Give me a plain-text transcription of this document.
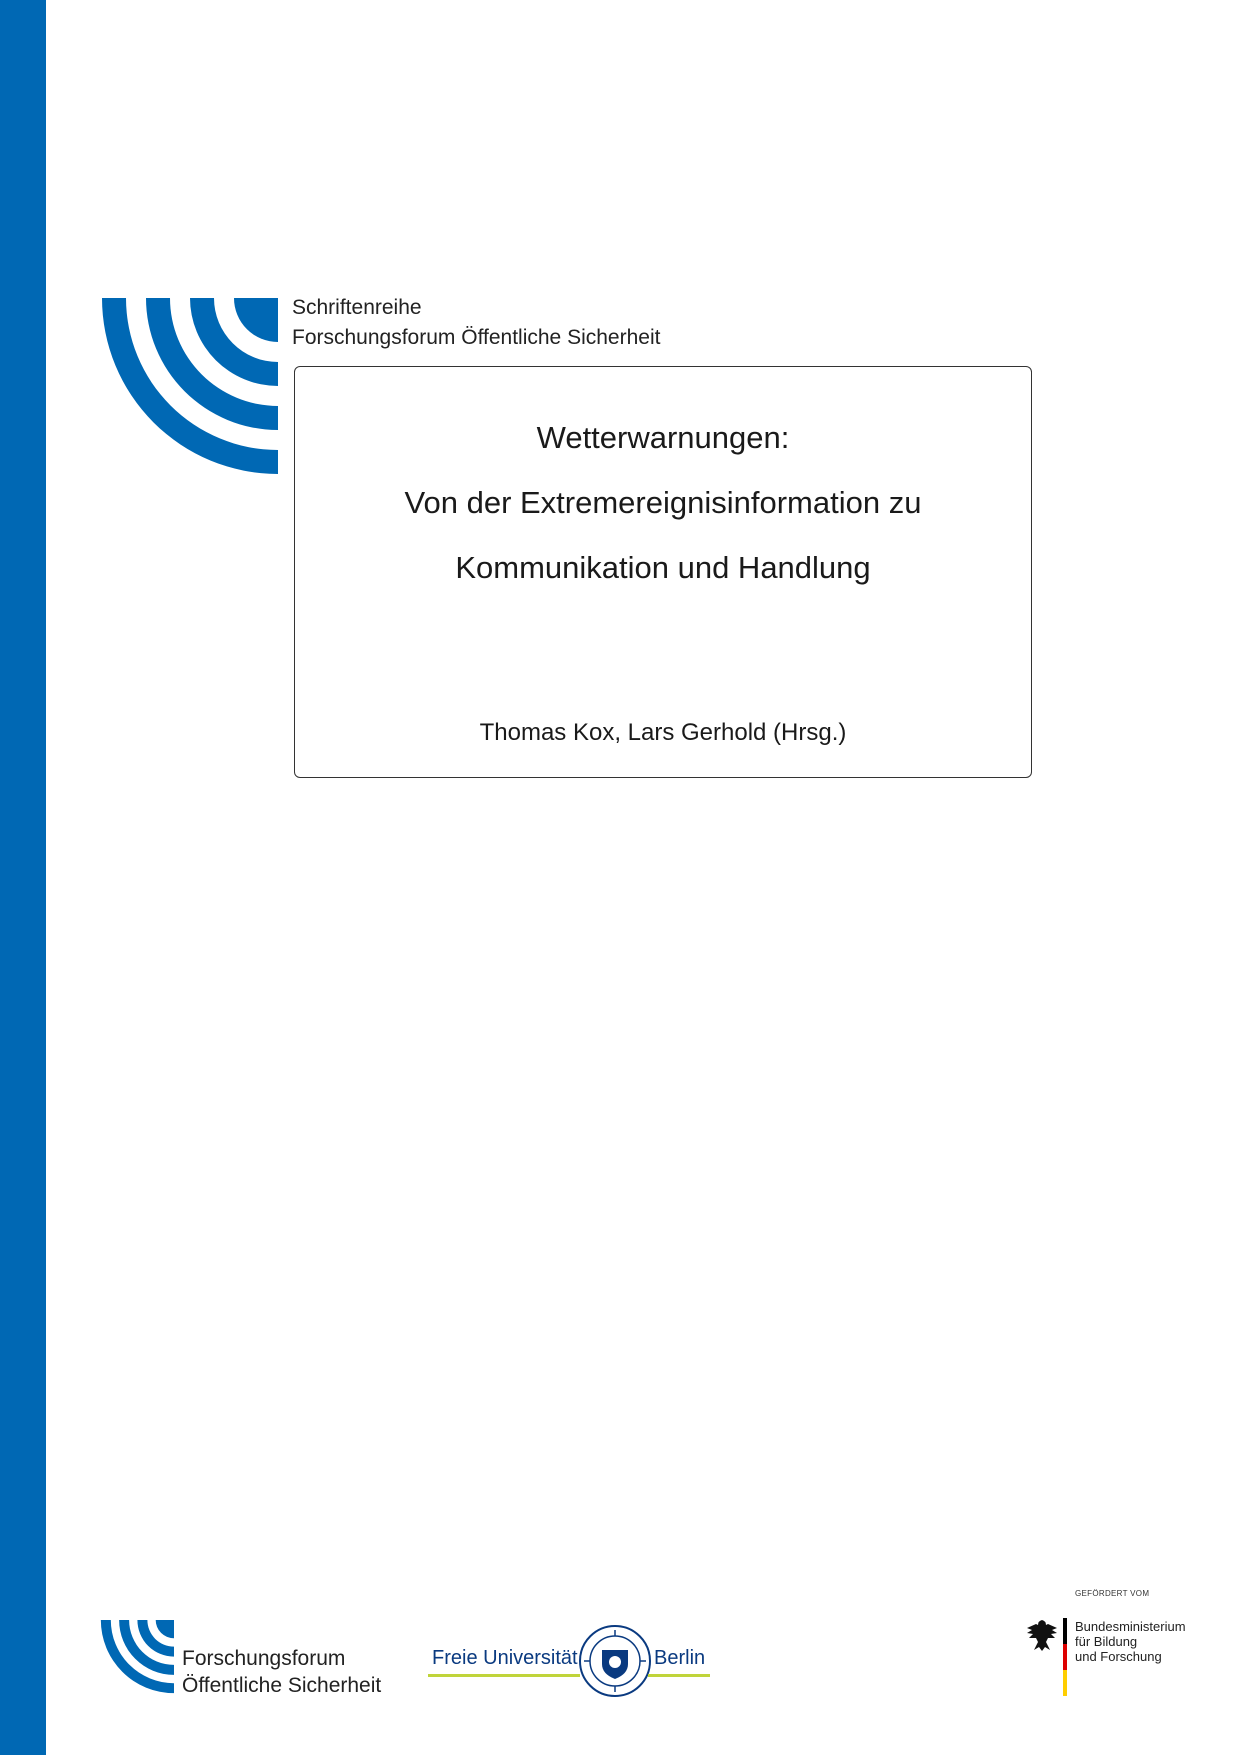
Schriftenreihe
Forschungsforum Öffentliche Sicherheit
Wetterwarnungen:
Von der Extremereignisinformation zu
Kommunikation und Handlung
Thomas Kox, Lars Gerhold (Hrsg.)
Forschungsforum
Öffentliche Sicherheit
Freie Universität	Berlin
GEFÖRDERT VOM
Bundesministerium
für Bildung
und Forschung
